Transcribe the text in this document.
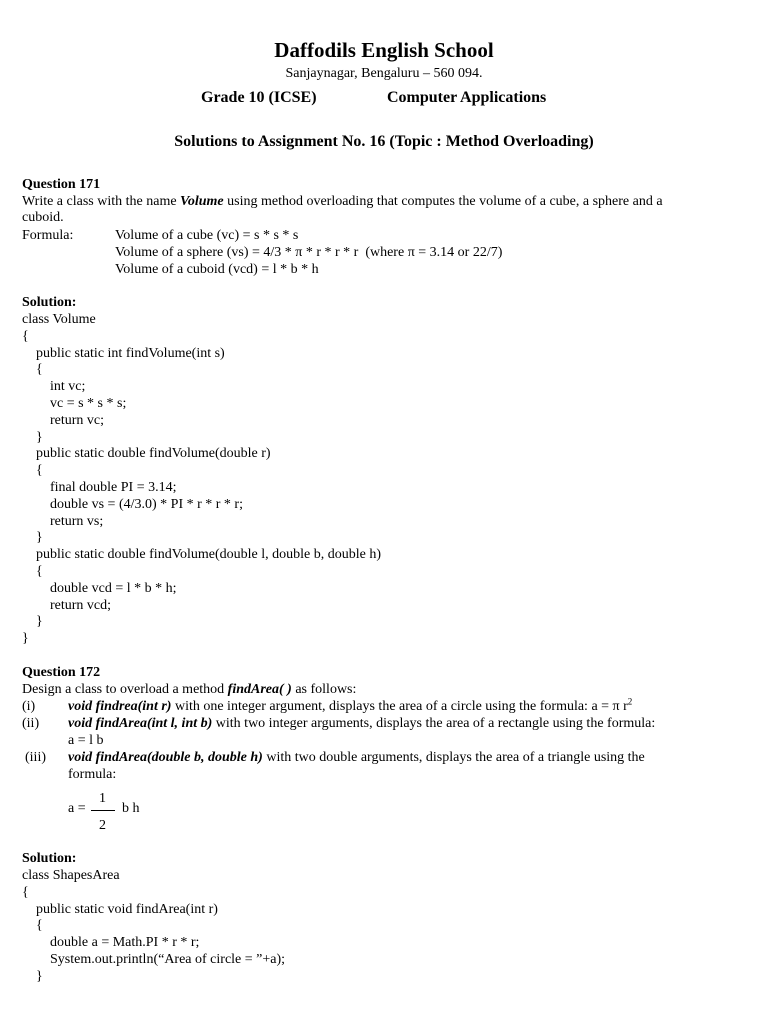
Daffodils English School
Sanjaynagar, Bengaluru – 560 094.
Grade 10 (ICSE)	Computer Applications
Solutions to Assignment No. 16 (Topic : Method Overloading)
Question 171
Write a class with the name Volume using method overloading that computes the volume of a cube, a sphere and a
cuboid.
Formula:	Volume of a cube (vc) = s * s * s
Volume of a sphere (vs) = 4/3 * π * r * r * r  (where π = 3.14 or 22/7)
Volume of a cuboid (vcd) = l * b * h
Solution:
class Volume
{
public static int findVolume(int s)
{
int vc;
vc = s * s * s;
return vc;
}
public static double findVolume(double r)
{
final double PI = 3.14;
double vs = (4/3.0) * PI * r * r * r;
return vs;
}
public static double findVolume(double l, double b, double h)
{
double vcd = l * b * h;
return vcd;
}
}
Question 172
Design a class to overload a method findArea( ) as follows:
(i) void findrea(int r) with one integer argument, displays the area of a circle using the formula: a = π $r^2$
(ii) void findArea(int l, int b) with two integer arguments, displays the area of a rectangle using the formula:
a = l b
(iii) void findArea(double b, double h) with two double arguments, displays the area of a triangle using the
formula:
a =
1
2
b h
Solution:
class ShapesArea
{
public static void findArea(int r)
{
double a = Math.PI * r * r;
System.out.println(“Area of circle = ”+a);
}
